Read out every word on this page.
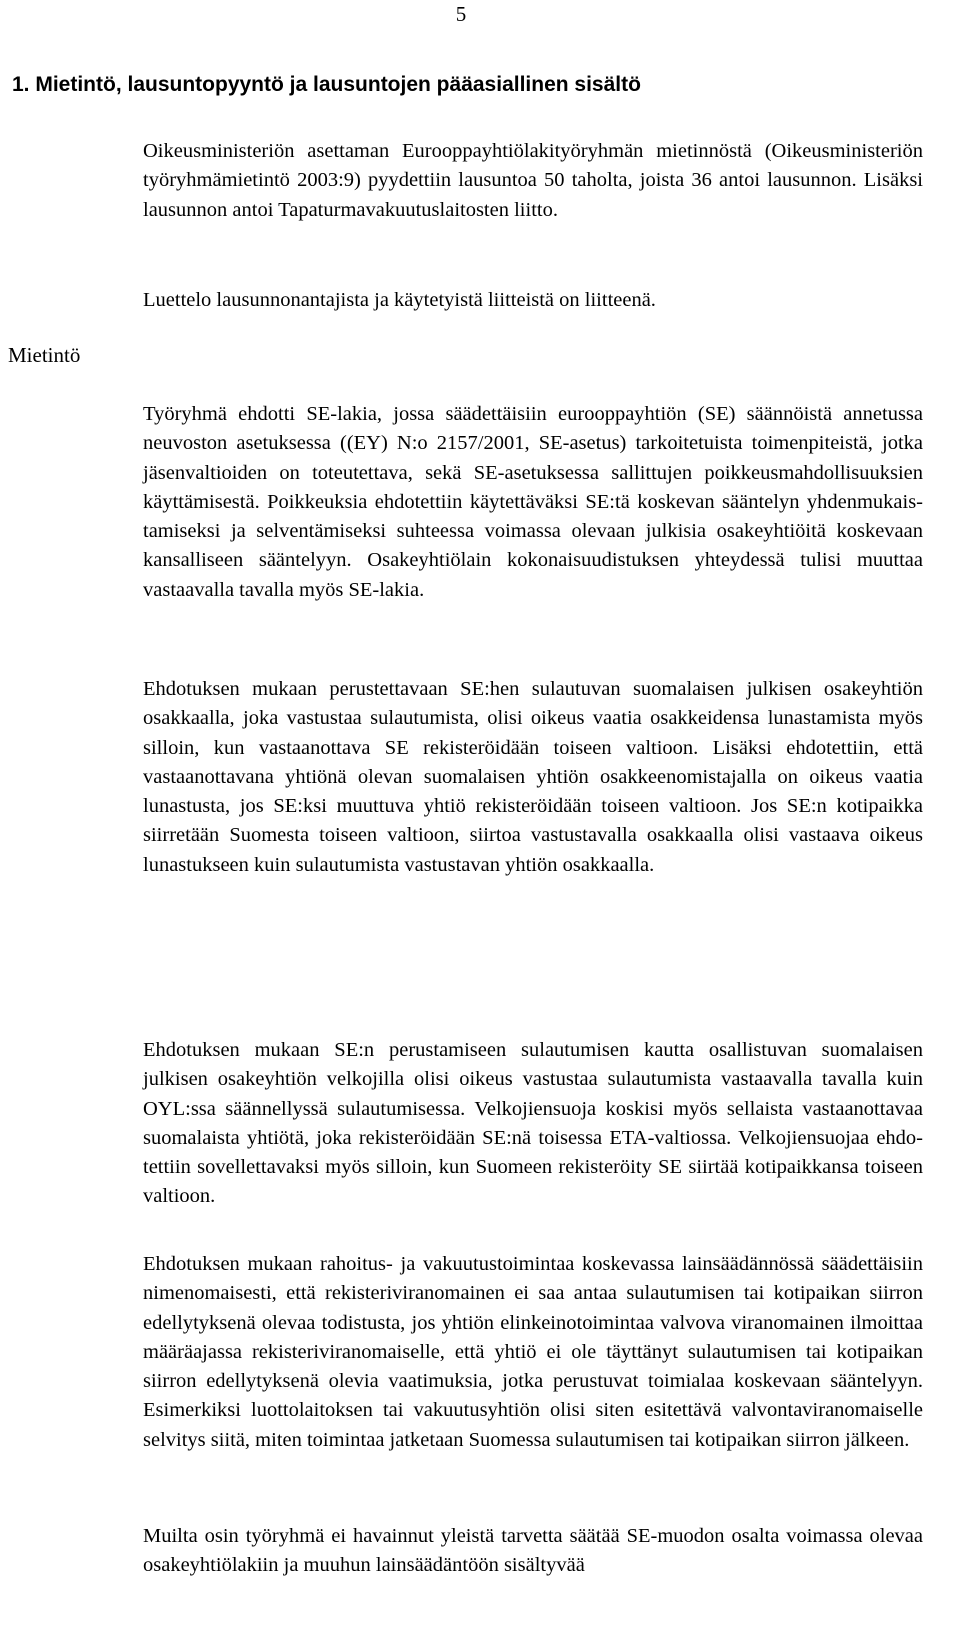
5
1. Mietintö, lausuntopyyntö ja lausuntojen pääasiallinen sisältö
Mietintö

Oikeusministeriön asettaman Eurooppayhtiölakityöryhmän mietinnöstä (Oikeusministeriön työryhmämietintö 2003:9) pyydettiin lausuntoa 50 taholta, joista 36 antoi lausunnon. Lisäksi lausunnon antoi Tapaturmavakuutuslaitosten liitto.

Luettelo lausunnonantajista ja käytetyistä liitteistä on liitteenä.

Työryhmä ehdotti SE-lakia, jossa säädettäisiin eurooppayhtiön (SE) säännöistä annetussa neuvoston asetuksessa ((EY) N:o 2157/2001, SE-asetus) tarkoitetuista toimenpiteistä, jotka jäsenvaltioiden on toteutettava, sekä SE-asetuksessa sallittujen poikkeusmahdollisuuksien käyttämisestä. Poikkeuksia ehdotettiin käytettäväksi SE:tä koskevan sääntelyn yhdenmukaistamiseksi ja selventämiseksi suhteessa voimassa olevaan julkisia osakeyhtiöitä koskevaan kansalliseen sääntelyyn. Osakeyhtiölain kokonaisuudistuksen yhteydessä tulisi muuttaa vastaavalla tavalla myös SE-lakia.

Ehdotuksen mukaan perustettavaan SE:hen sulautuvan suomalaisen julkisen osakeyhtiön osakkaalla, joka vastustaa sulautumista, olisi oikeus vaatia osakkeidensa lunastamista myös silloin, kun vastaanottava SE rekisteröidään toiseen valtioon. Lisäksi ehdotettiin, että vastaanottavana yhtiönä olevan suomalaisen yhtiön osakkeenomistajalla on oikeus vaatia lunastusta, jos SE:ksi muuttuva yhtiö rekisteröidään toiseen valtioon. Jos SE:n kotipaikka siirretään Suomesta toiseen valtioon, siirtoa vastustavalla osakkaalla olisi vastaava oikeus lunastukseen kuin sulautumista vastustavan yhtiön osakkaalla.

Ehdotuksen mukaan SE:n perustamiseen sulautumisen kautta osallistuvan suomalaisen julkisen osakeyhtiön velkojilla olisi oikeus vastustaa sulautumista vastaavalla tavalla kuin OYL:ssa säännellyssä sulautumisessa. Velkojiensuoja koskisi myös sellaista vastaanottavaa suomalaista yhtiötä, joka rekisteröidään SE:nä toisessa ETA-valtiossa. Velkojiensuojaa ehdotettiin sovellettavaksi myös silloin, kun Suomeen rekisteröity SE siirtää kotipaikkansa toiseen valtioon.

Ehdotuksen mukaan rahoitus- ja vakuutustoimintaa koskevassa lainsäädännössä säädettäisiin nimenomaisesti, että rekisteriviranomainen ei saa antaa sulautumisen tai kotipaikan siirron edellytyksenä olevaa todistusta, jos yhtiön elinkeinotoimintaa valvova viranomainen ilmoittaa määräajassa rekisteriviranomaiselle, että yhtiö ei ole täyttänyt sulautumisen tai kotipaikan siirron edellytyksenä olevia vaatimuksia, jotka perustuvat toimialaa koskevaan sääntelyyn. Esimerkiksi luottolaitoksen tai vakuutusyhtiön olisi siten esitettävä valvontaviranomaiselle selvitys siitä, miten toimintaa jatketaan Suomessa sulautumisen tai kotipaikan siirron jälkeen.

Muilta osin työryhmä ei havainnut yleistä tarvetta säätää SE-muodon osalta voimassa olevaa osakeyhtiölakiin ja muuhun lainsäädäntöön sisältyvää
